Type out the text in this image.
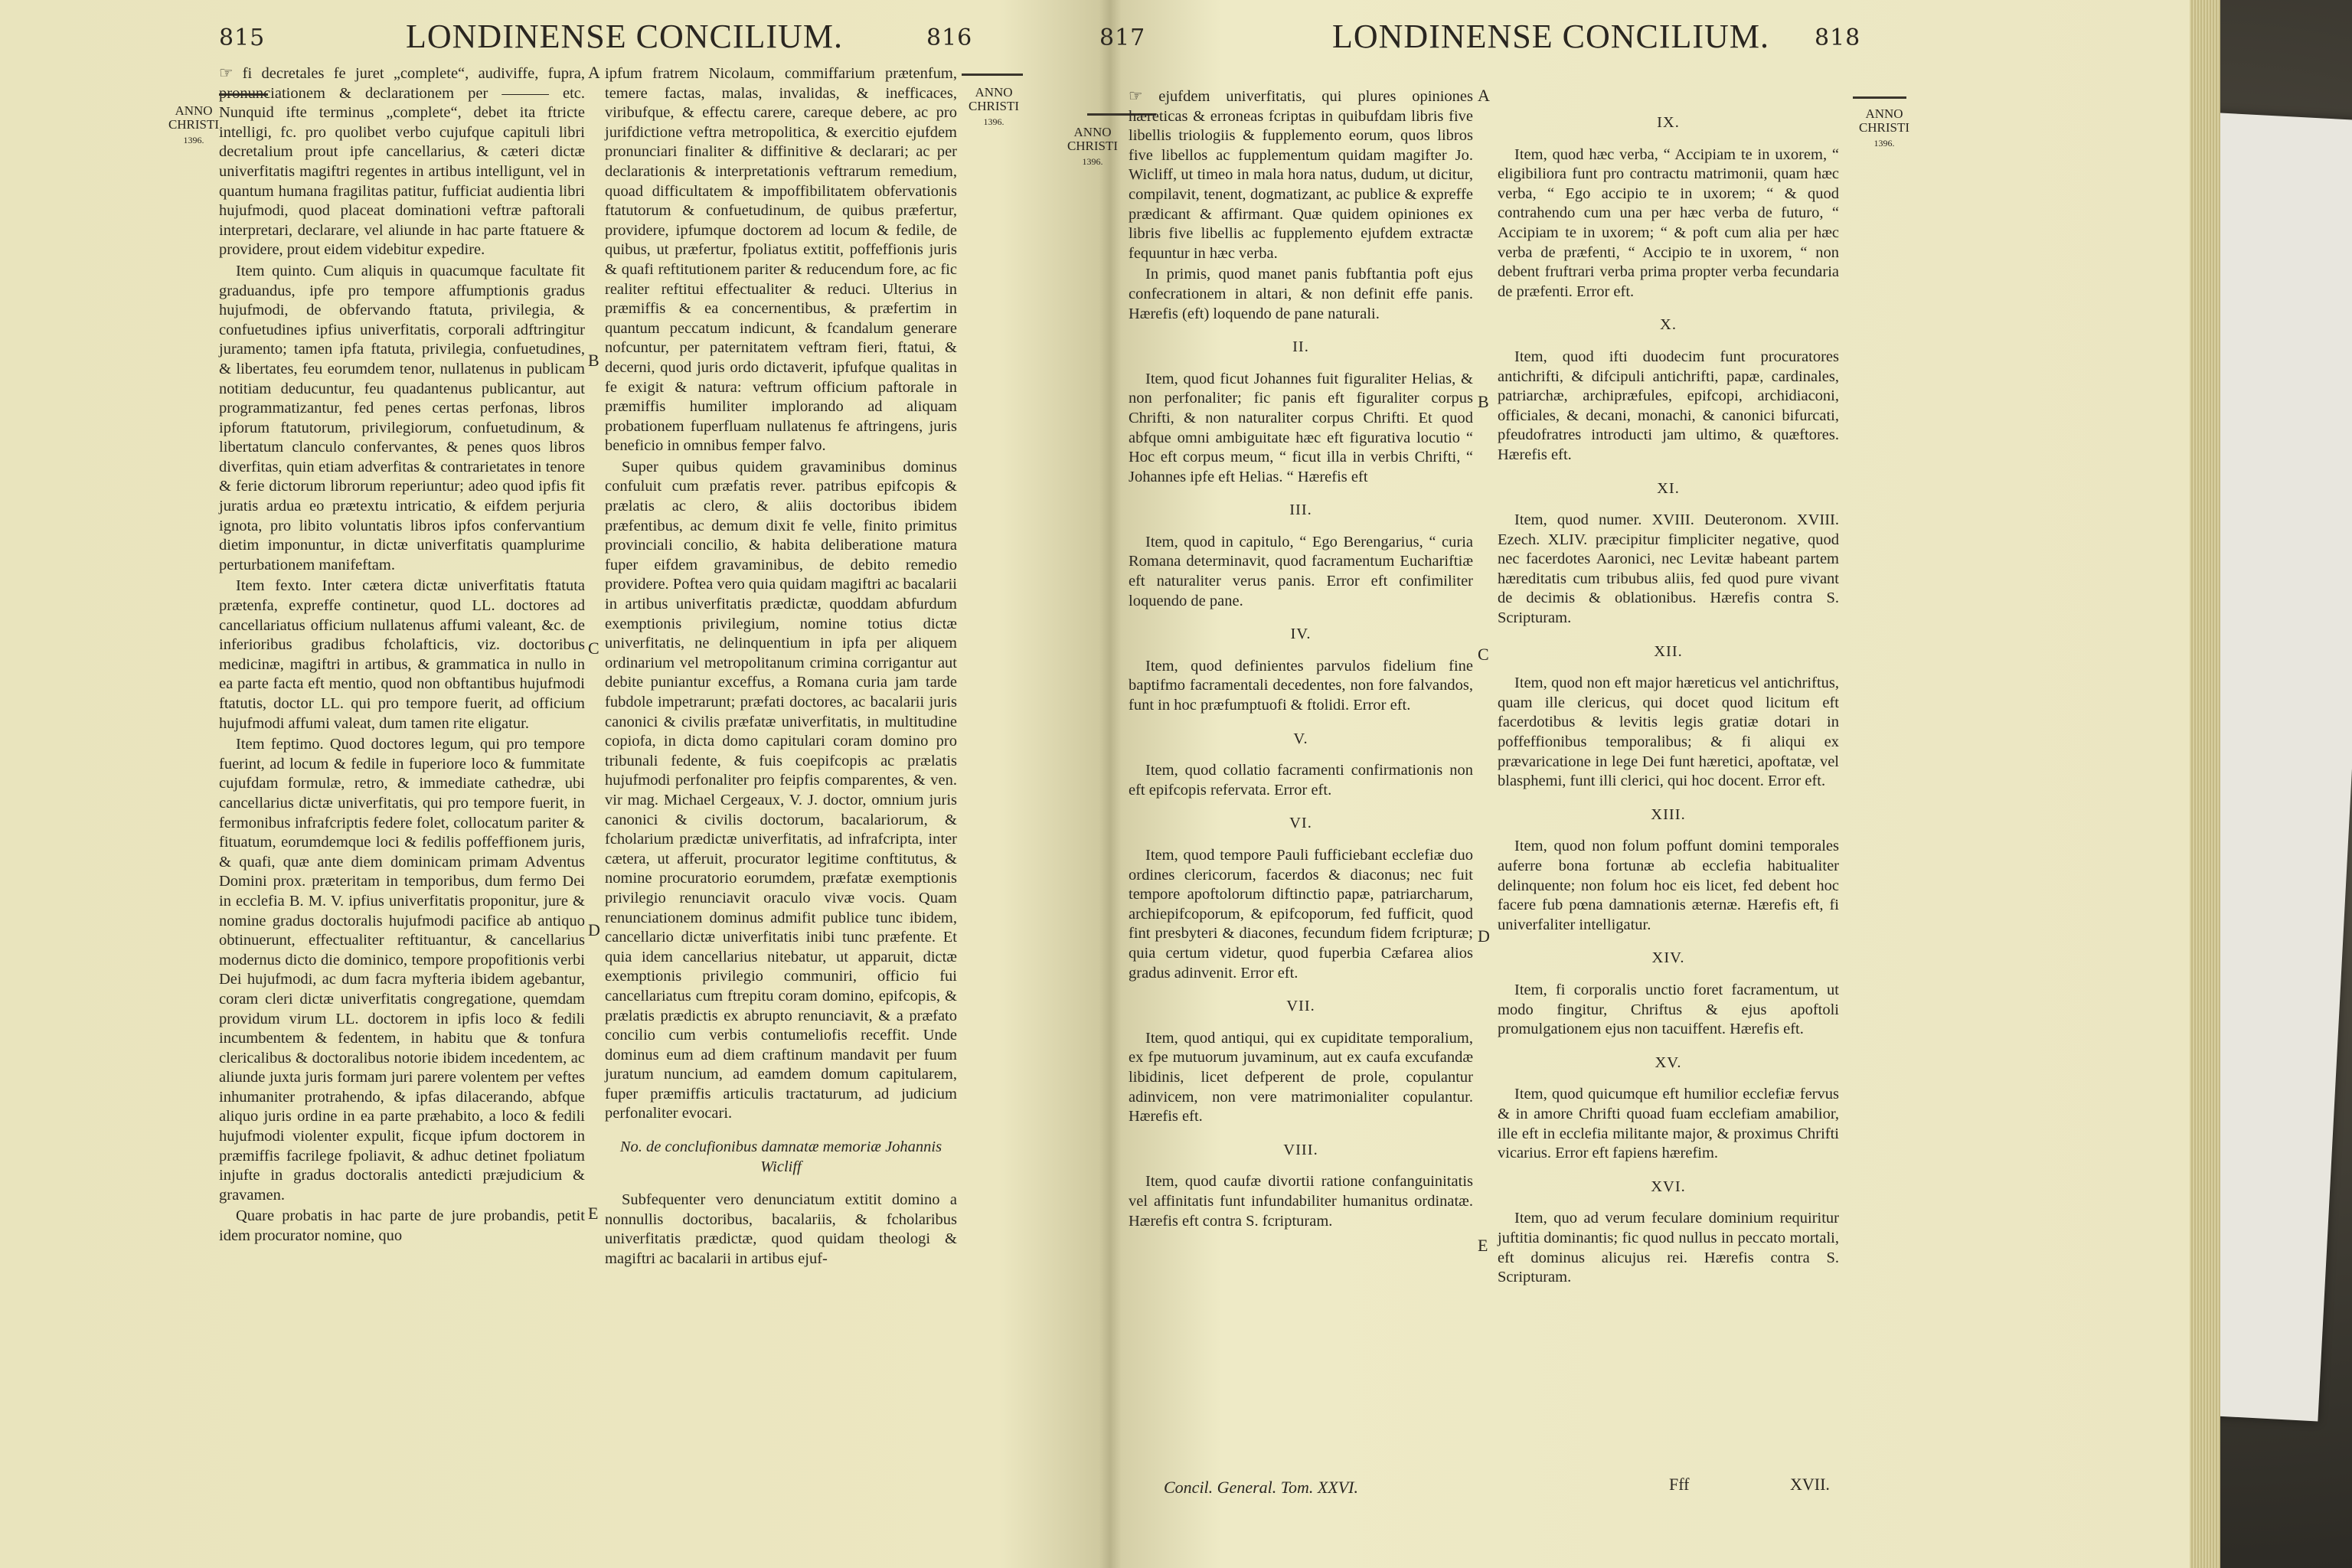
815	LONDINENSE CONCILIUM.	816
ANNO
CHRISTI
1396.
ANNO
CHRISTI
1396.
A
B
C
D
E

☞ fi decretales fe juret „complete“, audiviffe, fupra, pronunciationem & declarationem per ——— etc. Nunquid ifte terminus „complete“, debet ita ftricte intelligi, fc. pro quolibet verbo cujufque capituli libri decretalium prout ipfe cancellarius, & cæteri dictæ univerfitatis magiftri regentes in artibus intelligunt, vel in quantum humana fragilitas patitur, fufficiat audientia libri hujufmodi, quod placeat dominationi veftræ paftorali interpretari, declarare, vel aliunde in hac parte ftatuere & providere, prout eidem videbitur expedire.

Item quinto. Cum aliquis in quacumque facultate fit graduandus, ipfe pro tempore affumptionis gradus hujufmodi, de obfervando ftatuta, privilegia, & confuetudines ipfius univerfitatis, corporali adftringitur juramento; tamen ipfa ftatuta, privilegia, confuetudines, & libertates, feu eorumdem tenor, nullatenus in publicam notitiam deducuntur, feu quadantenus publicantur, aut programmatizantur, fed penes certas perfonas, libros ipforum ftatutorum, privilegiorum, confuetudinum, & libertatum clanculo confervantes, & penes quos libros diverfitas, quin etiam adverfitas & contrarietates in tenore & ferie dictorum librorum reperiuntur; adeo quod ipfis fit juratis ardua eo prætextu intricatio, & eifdem perjuria ignota, pro libito voluntatis libros ipfos confervantium dietim imponuntur, in dictæ univerfitatis quamplurime perturbationem manifeftam.

Item fexto. Inter cætera dictæ univerfitatis ftatuta prætenfa, expreffe continetur, quod LL. doctores ad cancellariatus officium nullatenus affumi valeant, &c. de inferioribus gradibus fcholafticis, viz. doctoribus medicinæ, magiftri in artibus, & grammatica in nullo in ea parte facta eft mentio, quod non obftantibus hujufmodi ftatutis, doctor LL. qui pro tempore fuerit, ad officium hujufmodi affumi valeat, dum tamen rite eligatur.

Item feptimo. Quod doctores legum, qui pro tempore fuerint, ad locum & fedile in fuperiore loco & fummitate cujufdam formulæ, retro, & immediate cathedræ, ubi cancellarius dictæ univerfitatis, qui pro tempore fuerit, in fermonibus infrafcriptis federe folet, collocatum pariter & fituatum, eorumdemque loci & fedilis poffeffionem juris, & quafi, quæ ante diem dominicam primam Adventus Domini prox. præteritam in temporibus, dum fermo Dei in ecclefia B. M. V. ipfius univerfitatis proponitur, jure & nomine gradus doctoralis hujufmodi pacifice ab antiquo obtinuerunt, effectualiter reftituantur, & cancellarius modernus dicto die dominico, tempore propofitionis verbi Dei hujufmodi, ac dum facra myfteria ibidem agebantur, coram cleri dictæ univerfitatis congregatione, quemdam providum virum LL. doctorem in ipfis loco & fedili incumbentem & fedentem, in habitu que & tonfura clericalibus & doctoralibus notorie ibidem incedentem, ac aliunde juxta juris formam juri parere volentem per veftes inhumaniter protrahendo, & ipfas dilacerando, abfque aliquo juris ordine in ea parte præhabito, a loco & fedili hujufmodi violenter expulit, ficque ipfum doctorem in præmiffis facrilege fpoliavit, & adhuc detinet fpoliatum injufte in gradus doctoralis antedicti præjudicium & gravamen.

Quare probatis in hac parte de jure probandis, petit idem procurator nomine, quo

ipfum fratrem Nicolaum, commiffarium prætenfum, temere factas, malas, invalidas, & inefficaces, viribufque, & effectu carere, careque debere, ac pro jurifdictione veftra metropolitica, & exercitio ejufdem pronunciari finaliter & diffinitive & declarari; ac per declarationis & interpretationis veftrarum remedium, quoad difficultatem & impoffibilitatem obfervationis ftatutorum & confuetudinum, de quibus præfertur, providere, ipfumque doctorem ad locum & fedile, de quibus, ut præfertur, fpoliatus extitit, poffeffionis juris & quafi reftitutionem pariter & reducendum fore, ac fic realiter reftitui effectualiter & reduci. Ulterius in præmiffis & ea concernentibus, & præfertim in quantum peccatum indicunt, & fcandalum generare nofcuntur, per paternitatem veftram fieri, ftatui, & decerni, quod juris ordo dictaverit, ipfufque qualitas in fe exigit & natura: veftrum officium paftorale in præmiffis humiliter implorando ad aliquam probationem fuperfluam nullatenus fe aftringens, juris beneficio in omnibus femper falvo.

Super quibus quidem gravaminibus dominus confuluit cum præfatis rever. patribus epifcopis & prælatis ac clero, & aliis doctoribus ibidem præfentibus, ac demum dixit fe velle, finito primitus provinciali concilio, & habita deliberatione matura fuper eifdem gravaminibus, de debito remedio providere. Poftea vero quia quidam magiftri ac bacalarii in artibus univerfitatis prædictæ, quoddam abfurdum exemptionis privilegium, nomine totius dictæ univerfitatis, ne delinquentium in ipfa per aliquem ordinarium vel metropolitanum crimina corrigantur aut debite puniantur exceffus, a Romana curia jam tarde fubdole impetrarunt; præfati doctores, ac bacalarii juris canonici & civilis præfatæ univerfitatis, in multitudine copiofa, in dicta domo capitulari coram domino pro tribunali fedente, & fuis coepifcopis ac prælatis hujufmodi perfonaliter pro feipfis comparentes, & ven. vir mag. Michael Cergeaux, V. J. doctor, omnium juris canonici & civilis doctorum, bacalariorum, & fcholarium prædictæ univerfitatis, ad infrafcripta, inter cætera, ut afferuit, procurator legitime conftitutus, & nomine procuratorio eorumdem, præfatæ exemptionis privilegio renunciavit oraculo vivæ vocis. Quam renunciationem dominus admifit publice tunc ibidem, cancellario dictæ univerfitatis inibi tunc præfente. Et quia idem cancellarius nitebatur, ut apparuit, dictæ exemptionis privilegio communiri, officio fui cancellariatus cum ftrepitu coram domino, epifcopis, & prælatis prædictis ex abrupto renunciavit, & a præfato concilio cum verbis contumeliofis receffit. Unde dominus eum ad diem craftinum mandavit per fuum juratum nuncium, ad eamdem domum capitularem, fuper præmiffis articulis tractaturum, ad judicium perfonaliter evocari.

No. de conclufionibus damnatæ memoriæ Johannis Wicliff

Subfequenter vero denunciatum extitit domino a nonnullis doctoribus, bacalariis, & fcholaribus univerfitatis prædictæ, quod quidam theologi & magiftri ac bacalarii in artibus ejuf-

817	LONDINENSE CONCILIUM. 818
ANNO
CHRISTI
1396.
ANNO
CHRISTI
1396.
A
B
C
D
E

☞ ejufdem univerfitatis, qui plures opiniones hæreticas & erroneas fcriptas in quibufdam libris five libellis triologiis & fupplemento eorum, quos libros five libellos ac fupplementum quidam magifter Jo. Wicliff, ut timeo in mala hora natus, dudum, ut dicitur, compilavit, tenent, dogmatizant, ac publice & expreffe prædicant & affirmant. Quæ quidem opiniones ex libris five libellis ac fupplemento ejufdem extractæ fequuntur in hæc verba.

In primis, quod manet panis fubftantia poft ejus confecrationem in altari, & non definit effe panis. Hærefis (eft) loquendo de pane naturali.

II.

Item, quod ficut Johannes fuit figuraliter Helias, & non perfonaliter; fic panis eft figuraliter corpus Chrifti, & non naturaliter corpus Chrifti. Et quod abfque omni ambiguitate hæc eft figurativa locutio “ Hoc eft corpus meum, “ ficut illa in verbis Chrifti, “ Johannes ipfe eft Helias. “ Hærefis eft

III.

Item, quod in capitulo, “ Ego Berengarius, “ curia Romana determinavit, quod facramentum Euchariftiæ eft naturaliter verus panis. Error eft confimiliter loquendo de pane.

IV.

Item, quod definientes parvulos fidelium fine baptifmo facramentali decedentes, non fore falvandos, funt in hoc præfumptuofi & ftolidi. Error eft.

V.

Item, quod collatio facramenti confirmationis non eft epifcopis refervata. Error eft.

VI.

Item, quod tempore Pauli fufficiebant ecclefiæ duo ordines clericorum, facerdos & diaconus; nec fuit tempore apoftolorum diftinctio papæ, patriarcharum, archiepifcoporum, & epifcoporum, fed fufficit, quod fint presbyteri & diacones, fecundum fidem fcripturæ; quia certum videtur, quod fuperbia Cæfarea alios gradus adinvenit. Error eft.

VII.

Item, quod antiqui, qui ex cupiditate temporalium, ex fpe mutuorum juvaminum, aut ex caufa excufandæ libidinis, licet defperent de prole, copulantur adinvicem, non vere matrimonialiter copulantur. Hærefis eft.

VIII.

Item, quod caufæ divortii ratione confanguinitatis vel affinitatis funt infundabiliter humanitus ordinatæ. Hærefis eft contra S. fcripturam.

IX.

Item, quod hæc verba, “ Accipiam te in uxorem, “ eligibiliora funt pro contractu matrimonii, quam hæc verba, “ Ego accipio te in uxorem; “ & quod contrahendo cum una per hæc verba de futuro, “ Accipiam te in uxorem; “ & poft cum alia per hæc verba de præfenti, “ Accipio te in uxorem, “ non debent fruftrari verba prima propter verba fecundaria de præfenti. Error eft.

X.

Item, quod ifti duodecim funt procuratores antichrifti, & difcipuli antichrifti, papæ, cardinales, patriarchæ, archipræfules, epifcopi, archidiaconi, officiales, & decani, monachi, & canonici bifurcati, pfeudofratres introducti jam ultimo, & quæftores. Hærefis eft.

XI.

Item, quod numer. XVIII. Deuteronom. XVIII. Ezech. XLIV. præcipitur fimpliciter negative, quod nec facerdotes Aaronici, nec Levitæ habeant partem hæreditatis cum tribubus aliis, fed quod pure vivant de decimis & oblationibus. Hærefis contra S. Scripturam.

XII.

Item, quod non eft major hæreticus vel antichriftus, quam ille clericus, qui docet quod licitum eft facerdotibus & levitis legis gratiæ dotari in poffeffionibus temporalibus; & fi aliqui ex prævaricatione in lege Dei funt hæretici, apoftatæ, vel blasphemi, funt illi clerici, qui hoc docent. Error eft.

XIII.

Item, quod non folum poffunt domini temporales auferre bona fortunæ ab ecclefia habitualiter delinquente; non folum hoc eis licet, fed debent hoc facere fub pœna damnationis æternæ. Hærefis eft, fi univerfaliter intelligatur.

XIV.

Item, fi corporalis unctio foret facramentum, ut modo fingitur, Chriftus & ejus apoftoli promulgationem ejus non tacuiffent. Hærefis eft.

XV.

Item, quod quicumque eft humilior ecclefiæ fervus & in amore Chrifti quoad fuam ecclefiam amabilior, ille eft in ecclefia militante major, & proximus Chrifti vicarius. Error eft fapiens hærefim.

XVI.

Item, quo ad verum feculare dominium requiritur juftitia dominantis; fic quod nullus in peccato mortali, eft dominus alicujus rei. Hærefis contra S. Scripturam.

Concil. General. Tom. XXVI.	Fff	XVII.
